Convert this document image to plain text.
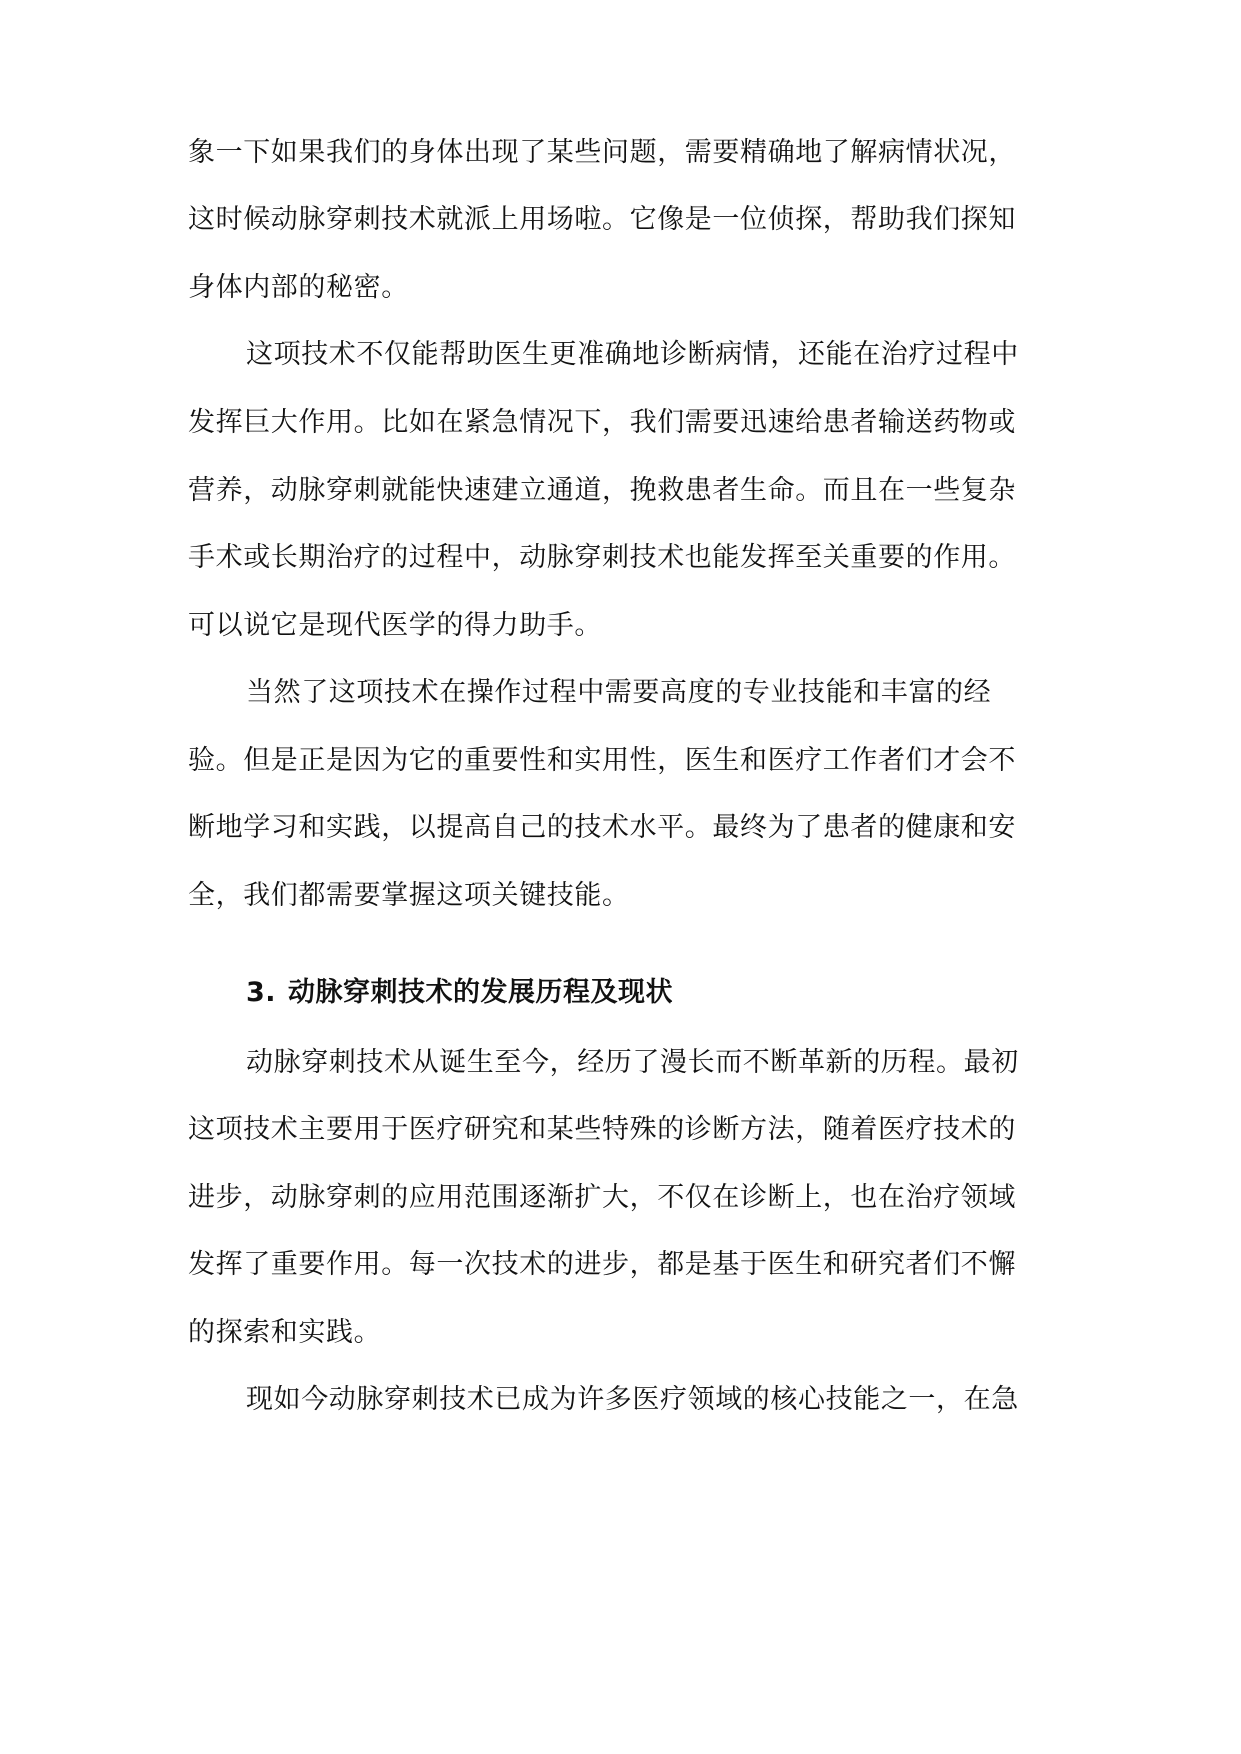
象一下如果我们的身体出现了某些问题，需要精确地了解病情状况，
这时候动脉穿刺技术就派上用场啦。它像是一位侦探，帮助我们探知
身体内部的秘密。
这项技术不仅能帮助医生更准确地诊断病情，还能在治疗过程中
发挥巨大作用。比如在紧急情况下，我们需要迅速给患者输送药物或
营养，动脉穿刺就能快速建立通道，挽救患者生命。而且在一些复杂
手术或长期治疗的过程中，动脉穿刺技术也能发挥至关重要的作用。
可以说它是现代医学的得力助手。
当然了这项技术在操作过程中需要高度的专业技能和丰富的经
验。但是正是因为它的重要性和实用性，医生和医疗工作者们才会不
断地学习和实践，以提高自己的技术水平。最终为了患者的健康和安
全，我们都需要掌握这项关键技能。
3. 动脉穿刺技术的发展历程及现状
动脉穿刺技术从诞生至今，经历了漫长而不断革新的历程。最初
这项技术主要用于医疗研究和某些特殊的诊断方法，随着医疗技术的
进步，动脉穿刺的应用范围逐渐扩大，不仅在诊断上，也在治疗领域
发挥了重要作用。每一次技术的进步，都是基于医生和研究者们不懈
的探索和实践。
现如今动脉穿刺技术已成为许多医疗领域的核心技能之一，在急
